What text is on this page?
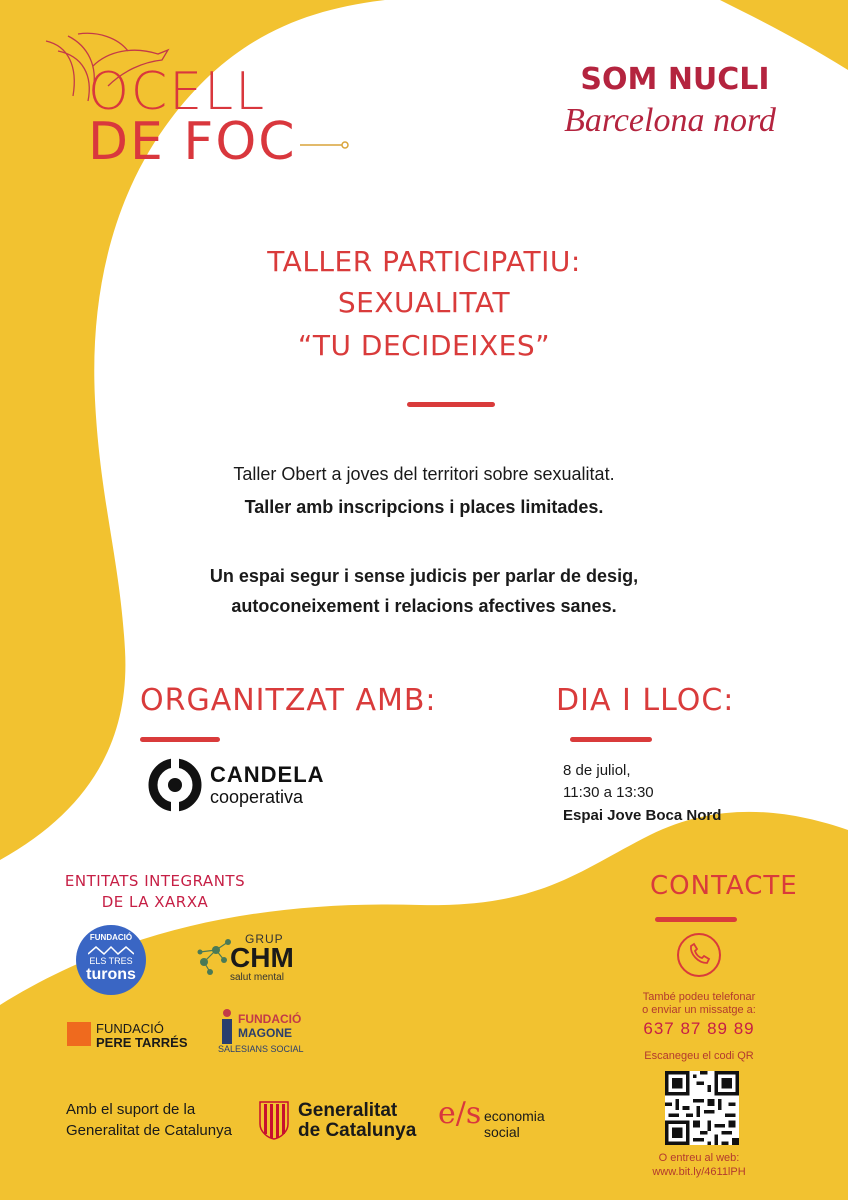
OCELL
DE FOC
SOM NUCLI
Barcelona nord
TALLER PARTICIPATIU:
SEXUALITAT
“TU DECIDEIXES”
Taller Obert a joves del territori sobre sexualitat.
Taller amb inscripcions i places limitades.
Un espai segur i sense judicis per parlar de desig,
autoconeixement i relacions afectives sanes.
ORGANITZAT AMB:
CANDELA
cooperativa
DIA I LLOC:
8 de juliol,
11:30 a 13:30
Espai Jove Boca Nord
ENTITATS INTEGRANTS
DE LA XARXA
FUNDACIÓ
ELS TRES
turons
GRUP
CHM
salut mental
FUNDACIÓ
PERE TARRÉS
FUNDACIÓ
MAGONE
SALESIANS SOCIAL
Amb el suport de la
Generalitat de Catalunya
Generalitat
de Catalunya e/s economia
social
CONTACTE
També podeu telefonar
o enviar un missatge a:
637 87 89 89
Escanegeu el codi QR
O entreu al web:
www.bit.ly/4611lPH
